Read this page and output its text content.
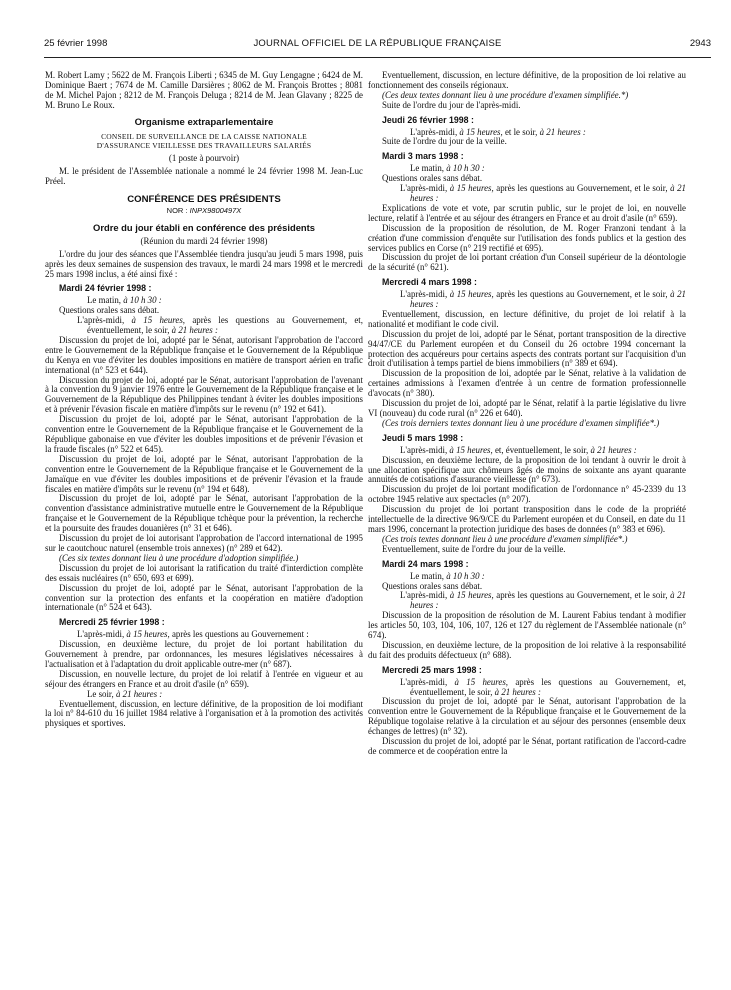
25 février 1998	JOURNAL OFFICIEL DE LA RÉPUBLIQUE FRANÇAISE	2943

M. Robert Lamy ; 5622 de M. François Liberti ; 6345 de M. Guy Lengagne ; 6424 de M. Dominique Baert ; 7674 de M. Camille Darsières ; 8062 de M. François Brottes ; 8081 de M. Michel Pajon ; 8212 de M. François Deluga ; 8214 de M. Jean Glavany ; 8225 de M. Bruno Le Roux.

Organisme extraparlementaire

CONSEIL DE SURVEILLANCE DE LA CAISSE NATIONALE

D'ASSURANCE VIEILLESSE DES TRAVAILLEURS SALARIÉS

(1 poste à pourvoir)

M. le président de l'Assemblée nationale a nommé le 24 février 1998 M. Jean-Luc Préel.

CONFÉRENCE DES PRÉSIDENTS

NOR : INPX9800497X

Ordre du jour établi en conférence des présidents

(Réunion du mardi 24 février 1998)

L'ordre du jour des séances que l'Assemblée tiendra jusqu'au jeudi 5 mars 1998, puis après les deux semaines de suspension des travaux, le mardi 24 mars 1998 et le mercredi 25 mars 1998 inclus, a été ainsi fixé :

Mardi 24 février 1998 :

Le matin, à 10 h 30 :

Questions orales sans débat.

L'après-midi, à 15 heures, après les questions au Gouvernement, et, éventuellement, le soir, à 21 heures :

Discussion du projet de loi, adopté par le Sénat, autorisant l'approbation de l'accord entre le Gouvernement de la République française et le Gouvernement de la République du Kenya en vue d'éviter les doubles impositions en matière de transport aérien en trafic international (n° 523 et 644).

Discussion du projet de loi, adopté par le Sénat, autorisant l'approbation de l'avenant à la convention du 9 janvier 1976 entre le Gouvernement de la République française et le Gouvernement de la République des Philippines tendant à éviter les doubles impositions et à prévenir l'évasion fiscale en matière d'impôts sur le revenu (n° 192 et 641).

Discussion du projet de loi, adopté par le Sénat, autorisant l'approbation de la convention entre le Gouvernement de la République française et le Gouvernement de la République gabonaise en vue d'éviter les doubles impositions et de prévenir l'évasion et la fraude fiscales (n° 522 et 645).

Discussion du projet de loi, adopté par le Sénat, autorisant l'approbation de la convention entre le Gouvernement de la République française et le Gouvernement de la Jamaïque en vue d'éviter les doubles impositions et de prévenir l'évasion et la fraude fiscales en matière d'impôts sur le revenu (n° 194 et 648).

Discussion du projet de loi, adopté par le Sénat, autorisant l'approbation de la convention d'assistance administrative mutuelle entre le Gouvernement de la République française et le Gouvernement de la République tchèque pour la prévention, la recherche et la poursuite des fraudes douanières (n° 31 et 646).

Discussion du projet de loi autorisant l'approbation de l'accord international de 1995 sur le caoutchouc naturel (ensemble trois annexes) (n° 289 et 642).

(Ces six textes donnant lieu à une procédure d'adoption simplifiée.)

Discussion du projet de loi autorisant la ratification du traité d'interdiction complète des essais nucléaires (n° 650, 693 et 699).

Discussion du projet de loi, adopté par le Sénat, autorisant l'approbation de la convention sur la protection des enfants et la coopération en matière d'adoption internationale (n° 524 et 643).

Mercredi 25 février 1998 :

L'après-midi, à 15 heures, après les questions au Gouvernement :

Discussion, en deuxième lecture, du projet de loi portant habilitation du Gouvernement à prendre, par ordonnances, les mesures législatives nécessaires à l'actualisation et à l'adaptation du droit applicable outre-mer (n° 687).

Discussion, en nouvelle lecture, du projet de loi relatif à l'entrée en vigueur et au séjour des étrangers en France et au droit d'asile (n° 659).

Le soir, à 21 heures :

Eventuellement, discussion, en lecture définitive, de la proposition de loi modifiant la loi n° 84-610 du 16 juillet 1984 relative à l'organisation et à la promotion des activités physiques et sportives.

Eventuellement, discussion, en lecture définitive, de la proposition de loi relative au fonctionnement des conseils régionaux.

(Ces deux textes donnant lieu à une procédure d'examen simplifiée.*)

Suite de l'ordre du jour de l'après-midi.

Jeudi 26 février 1998 :

L'après-midi, à 15 heures, et le soir, à 21 heures :

Suite de l'ordre du jour de la veille.

Mardi 3 mars 1998 :

Le matin, à 10 h 30 :

Questions orales sans débat.

L'après-midi, à 15 heures, après les questions au Gouvernement, et le soir, à 21 heures :

Explications de vote et vote, par scrutin public, sur le projet de loi, en nouvelle lecture, relatif à l'entrée et au séjour des étrangers en France et au droit d'asile (n° 659).

Discussion de la proposition de résolution, de M. Roger Franzoni tendant à la création d'une commission d'enquête sur l'utilisation des fonds publics et la gestion des services publics en Corse (n° 219 rectifié et 695).

Discussion du projet de loi portant création d'un Conseil supérieur de la déontologie de la sécurité (n° 621).

Mercredi 4 mars 1998 :

L'après-midi, à 15 heures, après les questions au Gouvernement, et le soir, à 21 heures :

Eventuellement, discussion, en lecture définitive, du projet de loi relatif à la nationalité et modifiant le code civil.

Discussion du projet de loi, adopté par le Sénat, portant transposition de la directive 94/47/CE du Parlement européen et du Conseil du 26 octobre 1994 concernant la protection des acquéreurs pour certains aspects des contrats portant sur l'acquisition d'un droit d'utilisation à temps partiel de biens immobiliers (n° 389 et 694).

Discussion de la proposition de loi, adoptée par le Sénat, relative à la validation de certaines admissions à l'examen d'entrée à un centre de formation professionnelle d'avocats (n° 380).

Discussion du projet de loi, adopté par le Sénat, relatif à la partie législative du livre VI (nouveau) du code rural (n° 226 et 640).

(Ces trois derniers textes donnant lieu à une procédure d'examen simplifiée*.)

Jeudi 5 mars 1998 :

L'après-midi, à 15 heures, et, éventuellement, le soir, à 21 heures :

Discussion, en deuxième lecture, de la proposition de loi tendant à ouvrir le droit à une allocation spécifique aux chômeurs âgés de moins de soixante ans ayant quarante annuités de cotisations d'assurance vieillesse (n° 673).

Discussion du projet de loi portant modification de l'ordonnance n° 45-2339 du 13 octobre 1945 relative aux spectacles (n° 207).

Discussion du projet de loi portant transposition dans le code de la propriété intellectuelle de la directive 96/9/CE du Parlement européen et du Conseil, en date du 11 mars 1996, concernant la protection juridique des bases de données (n° 383 et 696).

(Ces trois textes donnant lieu à une procédure d'examen simplifiée*.)

Eventuellement, suite de l'ordre du jour de la veille.

Mardi 24 mars 1998 :

Le matin, à 10 h 30 :

Questions orales sans débat.

L'après-midi, à 15 heures, après les questions au Gouvernement, et le soir, à 21 heures :

Discussion de la proposition de résolution de M. Laurent Fabius tendant à modifier les articles 50, 103, 104, 106, 107, 126 et 127 du règlement de l'Assemblée nationale (n° 674).

Discussion, en deuxième lecture, de la proposition de loi relative à la responsabilité du fait des produits défectueux (n° 688).

Mercredi 25 mars 1998 :

L'après-midi, à 15 heures, après les questions au Gouvernement, et, éventuellement, le soir, à 21 heures :

Discussion du projet de loi, adopté par le Sénat, autorisant l'approbation de la convention entre le Gouvernement de la République française et le Gouvernement de la République togolaise relative à la circulation et au séjour des personnes (ensemble deux échanges de lettres) (n° 32).

Discussion du projet de loi, adopté par le Sénat, portant ratification de l'accord-cadre de commerce et de coopération entre la
